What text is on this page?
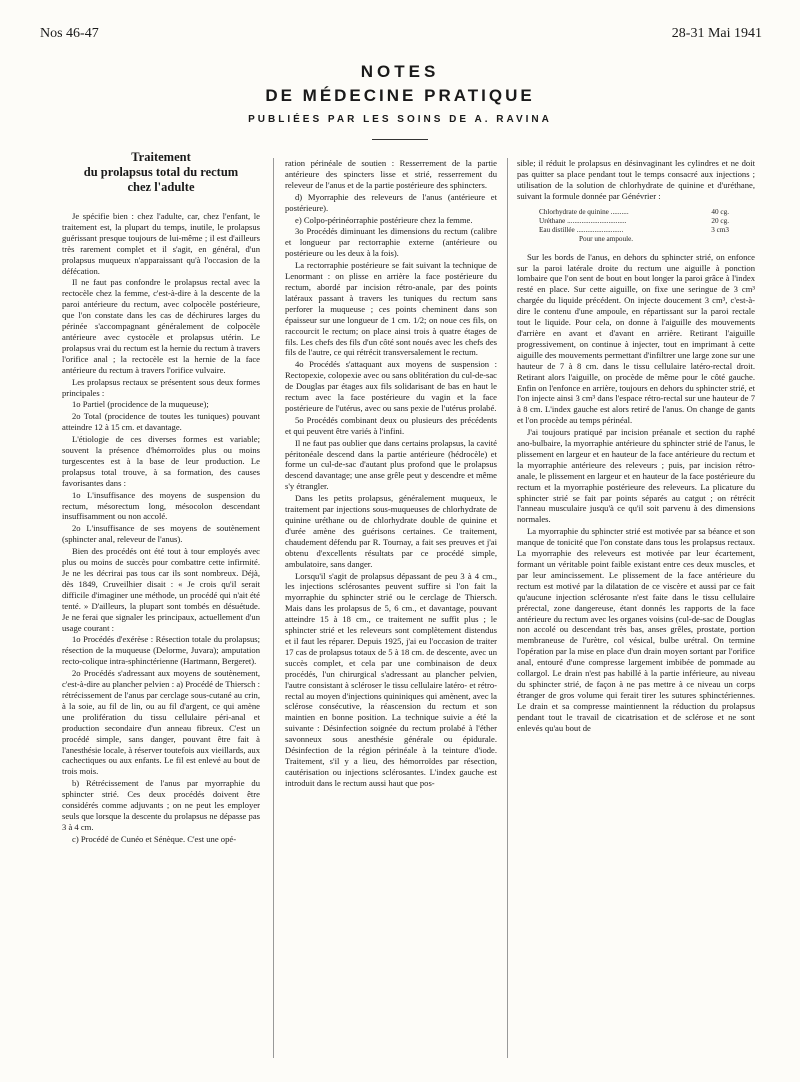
Nos 46-47	28-31 Mai 1941
NOTES
DE MÉDECINE PRATIQUE
PUBLIÉES PAR LES SOINS DE A. RAVINA
Traitement
du prolapsus total du rectum
chez l'adulte

Je spécifie bien : chez l'adulte, car, chez l'enfant, le traitement est, la plupart du temps, inutile, le prolapsus guérissant presque toujours de lui-même ; il est d'ailleurs très rarement complet et il s'agit, en général, d'un prolapsus muqueux n'apparaissant qu'à l'occasion de la défécation.

Il ne faut pas confondre le prolapsus rectal avec la rectocèle chez la femme, c'est-à-dire à la descente de la paroi antérieure du rectum, avec colpocèle postérieure, que l'on constate dans les cas de déchirures larges du périnée s'accompagnant généralement de colpocèle antérieure avec cystocèle et prolapsus utérin. Le prolapsus vrai du rectum est la hernie du rectum à travers l'orifice anal ; la rectocèle est la hernie de la face antérieure du rectum à travers l'orifice vulvaire.

Les prolapsus rectaux se présentent sous deux formes principales :

1o Partiel (procidence de la muqueuse);

2o Total (procidence de toutes les tuniques) pouvant atteindre 12 à 15 cm. et davantage.

L'étiologie de ces diverses formes est variable; souvent la présence d'hémorroïdes plus ou moins turgescentes est à la base de leur production. Le prolapsus total trouve, à sa formation, des causes favorisantes dans :

1o L'insuffisance des moyens de suspension du rectum, mésorectum long, mésocolon descendant insuffisamment ou non accolé.

2o L'insuffisance de ses moyens de soutènement (sphincter anal, releveur de l'anus).

Bien des procédés ont été tout à tour employés avec plus ou moins de succès pour combattre cette infirmité. Je ne les décrirai pas tous car ils sont nombreux. Déjà, dès 1849, Cruveilhier disait : « Je crois qu'il serait difficile d'imaginer une méthode, un procédé qui n'ait été tenté. » D'ailleurs, la plupart sont tombés en désuétude. Je ne ferai que signaler les principaux, actuellement d'un usage courant :

1o Procédés d'exérèse : Résection totale du prolapsus; résection de la muqueuse (Delorme, Juvara); amputation recto-colique intra-sphinctérienne (Hartmann, Bergeret).

2o Procédés s'adressant aux moyens de soutènement, c'est-à-dire au plancher pelvien : a) Procédé de Thiersch : rétrécissement de l'anus par cerclage sous-cutané au crin, à la soie, au fil de lin, ou au fil d'argent, ce qui amène une prolifération du tissu cellulaire péri-anal et production secondaire d'un anneau fibreux. C'est un procédé simple, sans danger, pouvant être fait à l'anesthésie locale, à réserver toutefois aux vieillards, aux cachectiques ou aux enfants. Le fil est enlevé au bout de trois mois.

b) Rétrécissement de l'anus par myorraphie du sphincter strié. Ces deux procédés doivent être considérés comme adjuvants ; on ne peut les employer seuls que lorsque la descente du prolapsus ne dépasse pas 3 à 4 cm.

c) Procédé de Cunéo et Sénèque. C'est une opé-

ration périnéale de soutien : Resserrement de la partie antérieure des spincters lisse et strié, resserrement du releveur de l'anus et de la partie postérieure des sphincters.

d) Myorraphie des releveurs de l'anus (antérieure et postérieure).

e) Colpo-périnéorraphie postérieure chez la femme.

3o Procédés diminuant les dimensions du rectum (calibre et longueur par rectorraphie externe (antérieure ou postérieure ou les deux à la fois).

La rectorraphie postérieure se fait suivant la technique de Lenormant : on plisse en arrière la face postérieure du rectum, abordé par incision rétro-anale, par des points latéraux passant à travers les tuniques du rectum sans perforer la muqueuse ; ces points cheminent dans son épaisseur sur une longueur de 1 cm. 1/2; on noue ces fils, on raccourcit le rectum; on place ainsi trois à quatre étages de fils. Les chefs des fils d'un côté sont noués avec les chefs des fils de l'autre, ce qui rétrécit transversalement le rectum.

4o Procédés s'attaquant aux moyens de suspension : Rectopexie, colopexie avec ou sans oblitération du cul-de-sac de Douglas par étages aux fils solidarisant de bas en haut le rectum avec la face postérieure du vagin et la face postérieure de l'utérus, avec ou sans pexie de l'utérus prolabé.

5o Procédés combinant deux ou plusieurs des précédents et qui peuvent être variés à l'infini.

Il ne faut pas oublier que dans certains prolapsus, la cavité péritonéale descend dans la partie antérieure (hédrocèle) et forme un cul-de-sac d'autant plus profond que le prolapsus descend davantage; une anse grêle peut y descendre et même s'y étrangler.

Dans les petits prolapsus, généralement muqueux, le traitement par injections sous-muqueuses de chlorhydrate de quinine uréthane ou de chlorhydrate double de quinine et d'urée amène des guérisons certaines. Ce traitement, chaudement défendu par R. Tournay, a fait ses preuves et j'ai obtenu d'excellents résultats par ce procédé simple, ambulatoire, sans danger.

Lorsqu'il s'agit de prolapsus dépassant de peu 3 à 4 cm., les injections sclérosantes peuvent suffire si l'on fait la myorraphie du sphincter strié ou le cerclage de Thiersch. Mais dans les prolapsus de 5, 6 cm., et davantage, pouvant atteindre 15 à 18 cm., ce traitement ne suffit plus ; le sphincter strié et les releveurs sont complètement distendus et il faut les réparer. Depuis 1925, j'ai eu l'occasion de traiter 17 cas de prolapsus totaux de 5 à 18 cm. de descente, avec un succès complet, et cela par une combinaison de deux procédés, l'un chirurgical s'adressant au plancher pelvien, l'autre consistant à scléroser le tissu cellulaire latéro- et rétro-rectal au moyen d'injections quininiques qui amènent, avec la sclérose consécutive, la réascension du rectum et son maintien en bonne position. La technique suivie a été la suivante : Désinfection soignée du rectum prolabé à l'éther savonneux sous anesthésie générale ou épidurale. Désinfection de la région périnéale à la teinture d'iode. Traitement, s'il y a lieu, des hémorroïdes par résection, cautérisation ou injections sclérosantes. L'index gauche est introduit dans le rectum aussi haut que pos-

sible; il réduit le prolapsus en désinvaginant les cylindres et ne doit pas quitter sa place pendant tout le temps consacré aux injections ; utilisation de la solution de chlorhydrate de quinine et d'uréthane, suivant la formule donnée par Génévrier :

Chlorhydrate de quinine ..........	40 cg.
Uréthane .................................	20 cg.
Eau distillée ..........................	3 cm3
Pour une ampoule.

Sur les bords de l'anus, en dehors du sphincter strié, on enfonce sur la paroi latérale droite du rectum une aiguille à ponction lombaire que l'on sent de bout en bout longer la paroi grâce à l'index resté en place. Sur cette aiguille, on fixe une seringue de 3 cm³ chargée du liquide précédent. On injecte doucement 3 cm³, c'est-à-dire le contenu d'une ampoule, en répartissant sur la paroi rectale tout le liquide. Pour cela, on donne à l'aiguille des mouvements d'arrière en avant et d'avant en arrière. Retirant l'aiguille progressivement, on continue à injecter, tout en imprimant à cette aiguille des mouvements permettant d'infiltrer une large zone sur une hauteur de 7 à 8 cm. dans le tissu cellulaire latéro-rectal droit. Retirant alors l'aiguille, on procède de même pour le côté gauche. Enfin on l'enfonce en arrière, toujours en dehors du sphincter strié, et l'on injecte ainsi 3 cm³ dans l'espace rétro-rectal sur une hauteur de 7 à 8 cm. L'index gauche est alors retiré de l'anus. On change de gants et l'on procède au temps périnéal.

J'ai toujours pratiqué par incision préanale et section du raphé ano-bulbaire, la myorraphie antérieure du sphincter strié de l'anus, le plissement en largeur et en hauteur de la face antérieure du rectum et la myorraphie antérieure des releveurs ; puis, par incision rétro-anale, le plissement en largeur et en hauteur de la face postérieure du rectum et la myorraphie postérieure des releveurs. La plicature du sphincter strié se fait par points séparés au catgut ; on rétrécit l'anneau musculaire jusqu'à ce qu'il soit parvenu à des dimensions normales.

La myorraphie du sphincter strié est motivée par sa béance et son manque de tonicité que l'on constate dans tous les prolapsus rectaux. La myorraphie des releveurs est motivée par leur écartement, formant un véritable point faible existant entre ces deux muscles, et par leur amincissement. Le plissement de la face antérieure du rectum est motivé par la dilatation de ce viscère et aussi par ce fait qu'aucune injection sclérosante n'est faite dans le tissu cellulaire prérectal, zone dangereuse, étant donnés les rapports de la face antérieure du rectum avec les organes voisins (cul-de-sac de Douglas non accolé ou descendant très bas, anses grêles, prostate, portion membraneuse de l'urètre, col vésical, bulbe urétral. On termine l'opération par la mise en place d'un drain moyen sortant par l'orifice anal, entouré d'une compresse largement imbibée de pommade au collargol. Le drain n'est pas habillé à la partie inférieure, au niveau du sphincter strié, de façon à ne pas mettre à ce niveau un corps étranger de gros volume qui ferait tirer les sutures sphinctériennes. Le drain et sa compresse maintiennent la réduction du prolapsus pendant tout le travail de cicatrisation et de sclérose et ne sont enlevés qu'au bout de
